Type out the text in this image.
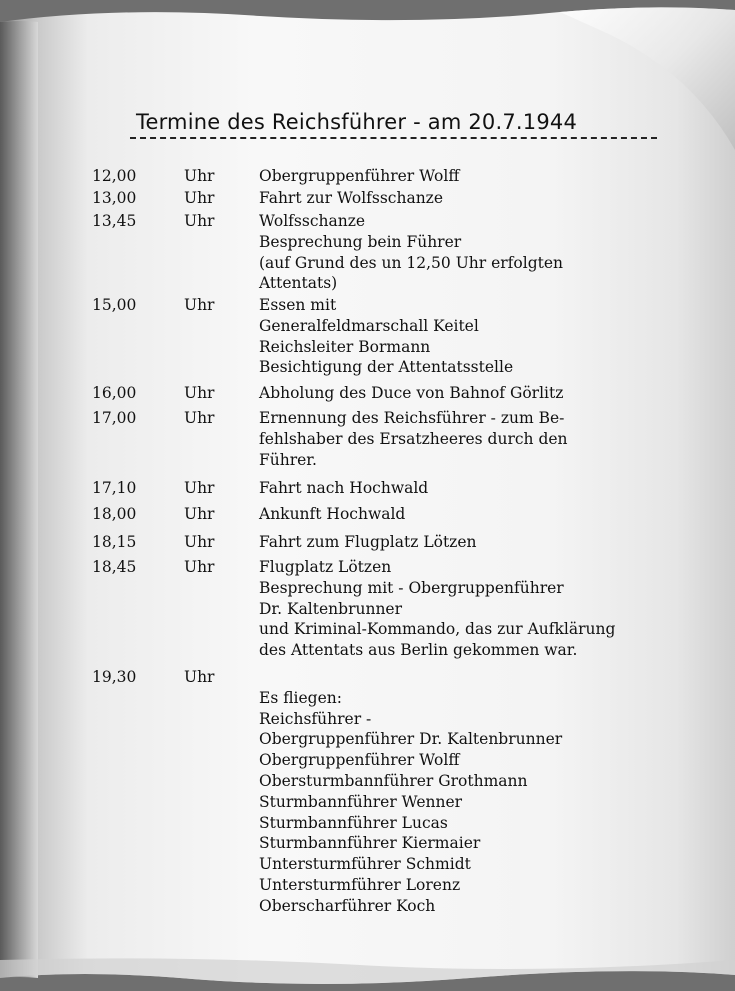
Termine des Reichsführer - am 20.7.1944
12,00	Uhr	Obergruppenführer Wolff
13,00	Uhr	Fahrt zur Wolfsschanze
13,45	Uhr	Wolfsschanze
Besprechung bein Führer
(auf Grund des un 12,50 Uhr erfolgten
Attentats)
15,00	Uhr	Essen mit
Generalfeldmarschall Keitel
Reichsleiter Bormann
Besichtigung der Attentatsstelle
16,00	Uhr	Abholung des Duce von Bahnof Görlitz
17,00	Uhr	Ernennung des Reichsführer - zum Be-
fehlshaber des Ersatzheeres durch den
Führer.
17,10	Uhr	Fahrt nach Hochwald
18,00	Uhr	Ankunft Hochwald
18,15	Uhr	Fahrt zum Flugplatz Lötzen
18,45	Uhr	Flugplatz Lötzen
Besprechung mit - Obergruppenführer
Dr. Kaltenbrunner
und Kriminal-Kommando, das zur Aufklärung
des Attentats aus Berlin gekommen war.
19,30	Uhr

Es fliegen:
Reichsführer -
Obergruppenführer Dr. Kaltenbrunner
Obergruppenführer Wolff
Obersturmbannführer Grothmann
Sturmbannführer Wenner
Sturmbannführer Lucas
Sturmbannführer Kiermaier
Untersturmführer Schmidt
Untersturmführer Lorenz
Oberscharführer Koch
